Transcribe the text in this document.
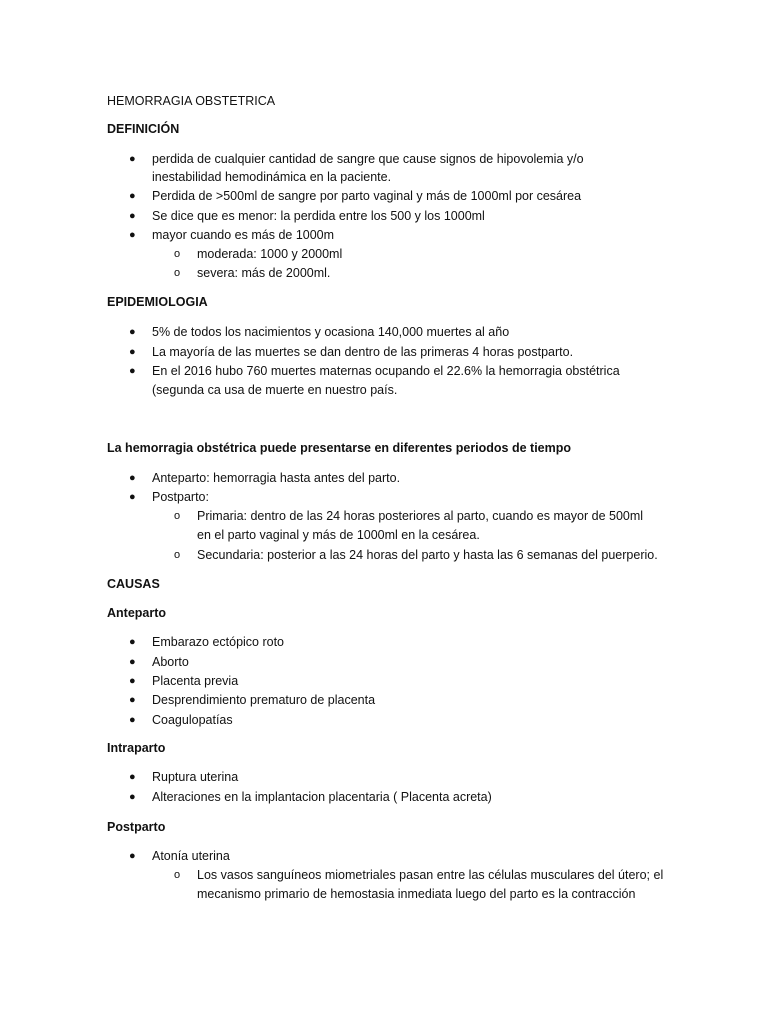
HEMORRAGIA OBSTETRICA
DEFINICIÓN
● perdida de cualquier cantidad de sangre que cause signos de hipovolemia y/o
inestabilidad hemodinámica en la paciente.
● Perdida de >500ml de sangre por parto vaginal y más de 1000ml por cesárea
● Se dice que es menor: la perdida entre los 500 y los 1000ml
● mayor cuando es más de 1000m
o moderada: 1000 y 2000ml
o severa: más de 2000ml.
EPIDEMIOLOGIA
● 5% de todos los nacimientos y ocasiona 140,000 muertes al año
● La mayoría de las muertes se dan dentro de las primeras 4 horas postparto.
● En el 2016 hubo 760 muertes maternas ocupando el 22.6% la hemorragia obstétrica
(segunda ca usa de muerte en nuestro país.
La hemorragia obstétrica puede presentarse en diferentes periodos de tiempo
● Anteparto: hemorragia hasta antes del parto.
● Postparto:
o Primaria: dentro de las 24 horas posteriores al parto, cuando es mayor de 500ml
en el parto vaginal y más de 1000ml en la cesárea.
o Secundaria: posterior a las 24 horas del parto y hasta las 6 semanas del puerperio.
CAUSAS
Anteparto
● Embarazo ectópico roto
● Aborto
● Placenta previa
● Desprendimiento prematuro de placenta
● Coagulopatías
Intraparto
● Ruptura uterina
● Alteraciones en la implantacion placentaria ( Placenta acreta)
Postparto
● Atonía uterina
o Los vasos sanguíneos miometriales pasan entre las células musculares del útero; el
mecanismo primario de hemostasia inmediata luego del parto es la contracción
